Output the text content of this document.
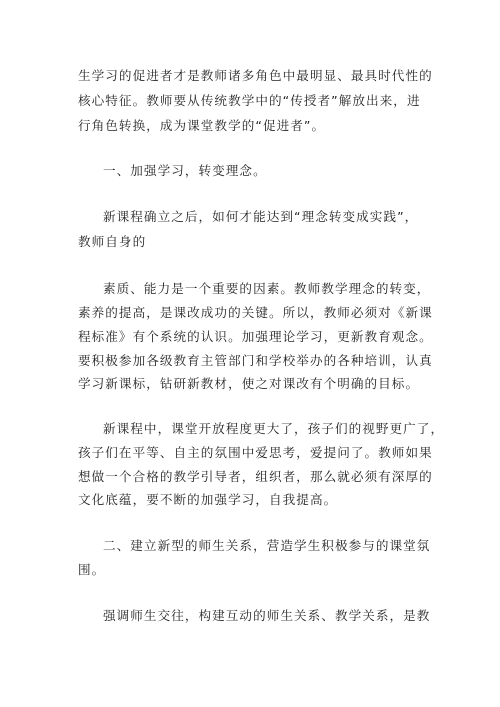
生学习的促进者才是教师诸多角色中最明显、最具时代性的
核心特征。教师要从传统教学中的“传授者”解放出来，进
行角色转换，成为课堂教学的“促进者”。
一、加强学习，转变理念。
新课程确立之后，如何才能达到“理念转变成实践”，
教师自身的
素质、能力是一个重要的因素。教师教学理念的转变，
素养的提高，是课改成功的关键。所以，教师必须对《新课
程标准》有个系统的认识。加强理论学习，更新教育观念。
要积极参加各级教育主管部门和学校举办的各种培训，认真
学习新课标，钻研新教材，使之对课改有个明确的目标。
新课程中，课堂开放程度更大了，孩子们的视野更广了，
孩子们在平等、自主的氛围中爱思考，爱提问了。教师如果
想做一个合格的教学引导者，组织者，那么就必须有深厚的
文化底蕴，要不断的加强学习，自我提高。
二、建立新型的师生关系，营造学生积极参与的课堂氛
围。
强调师生交往，构建互动的师生关系、教学关系，是教
